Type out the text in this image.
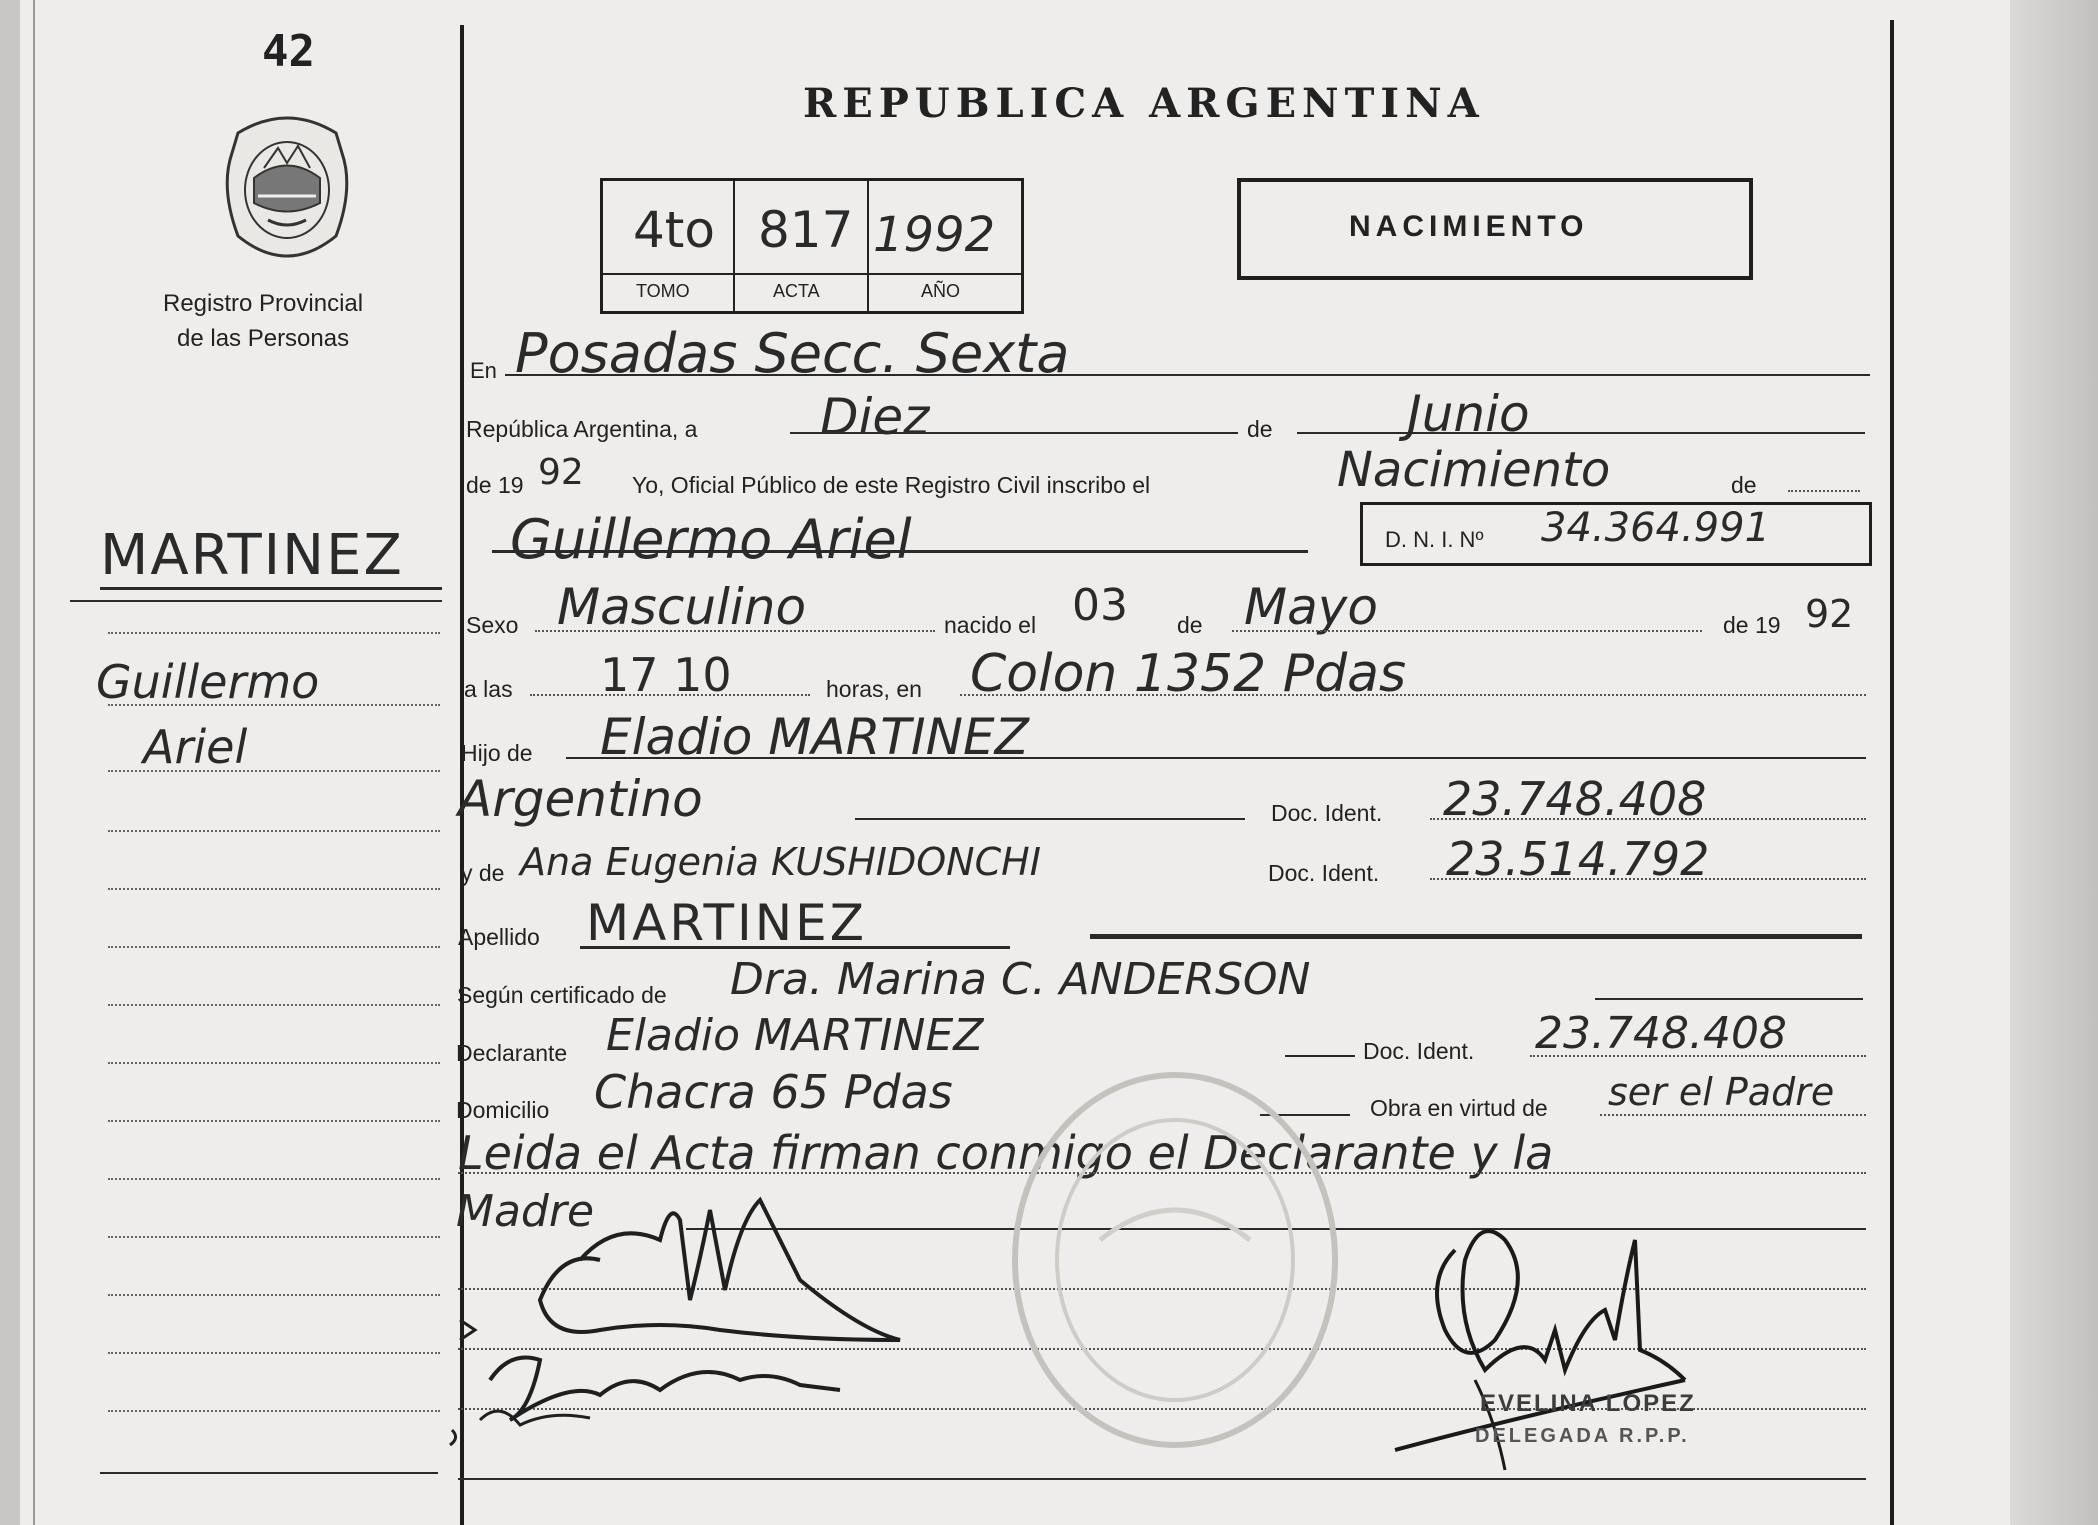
42
Registro Provincial
de las Personas
MARTINEZ
Guillermo
Ariel
REPUBLICA ARGENTINA
4to 817 1992
TOMO	ACTA	AÑO
NACIMIENTO
En Posadas Secc. Sexta
República Argentina, a Diez	de	Junio
de 19 92 Yo, Oficial Público de este Registro Civil inscribo el	Nacimiento	de
Guillermo Ariel	D. N. I. Nº 34.364.991
Sexo Masculino	nacido el 03 de Mayo	de 19 92
a las 17 10	horas, en Colon 1352 Pdas
Hijo de Eladio MARTINEZ
Argentino	Doc. Ident. 23.748.408
y de Ana Eugenia KUSHIDONCHI	Doc. Ident. 23.514.792
Apellido MARTINEZ
Según certificado de Dra. Marina C. ANDERSON
Declarante Eladio MARTINEZ	Doc. Ident. 23.748.408
Domicilio Chacra 65 Pdas	Obra en virtud de ser el Padre
Leida el Acta firman conmigo el Declarante y la
Madre
EVELINA LOPEZ
DELEGADA R.P.P.
